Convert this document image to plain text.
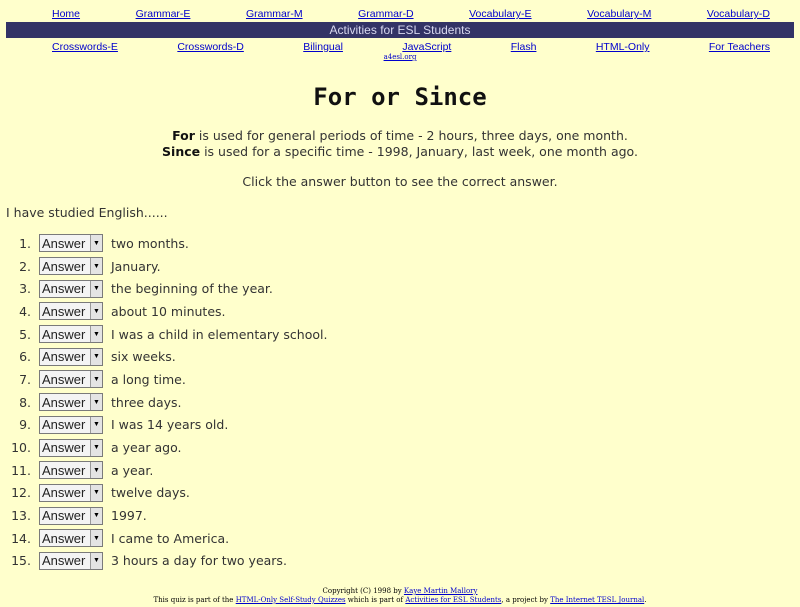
Home	Grammar-E	Grammar-M	Grammar-D	Vocabulary-E	Vocabulary-M	Vocabulary-D
Activities for ESL Students
Crosswords-E	Crosswords-D	Bilingual	JavaScript	Flash	HTML-Only	For Teachers
a4esl.org
For or Since
For is used for general periods of time - 2 hours, three days, one month.
Since is used for a specific time - 1998, January, last week, one month ago.
Click the answer button to see the correct answer.
I have studied English......
1. Answer	▼ two months.
2. Answer	▼ January.
3. Answer	▼ the beginning of the year.
4. Answer	▼ about 10 minutes.
5. Answer	▼ I was a child in elementary school.
6. Answer	▼ six weeks.
7. Answer	▼ a long time.
8. Answer	▼ three days.
9. Answer	▼ I was 14 years old.
10. Answer	▼ a year ago.
11. Answer	▼ a year.
12. Answer	▼ twelve days.
13. Answer	▼ 1997.
14. Answer	▼ I came to America.
15. Answer	▼ 3 hours a day for two years.
Copyright (C) 1998 by Kaye Martin Mallory
This quiz is part of the HTML-Only Self-Study Quizzes which is part of Activities for ESL Students, a project by The Internet TESL Journal.
